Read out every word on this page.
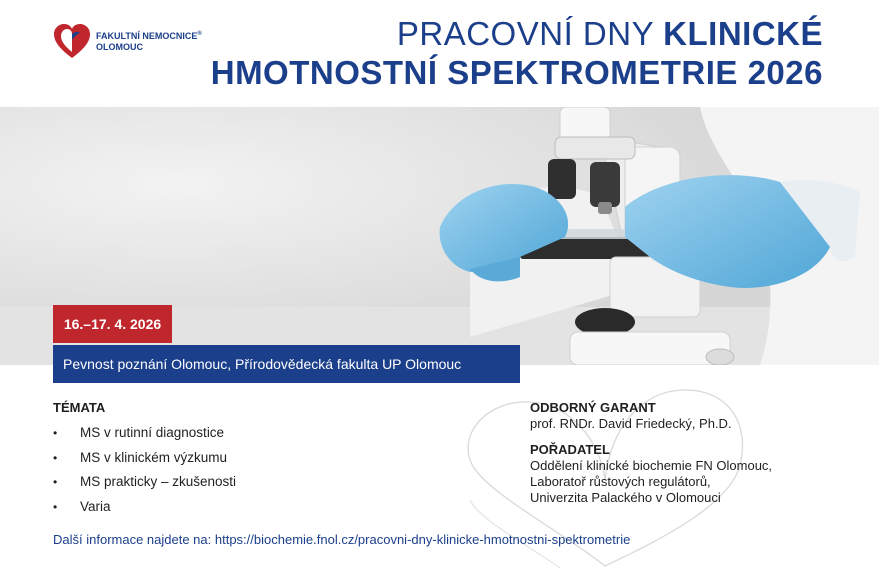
FAKULTNÍ NEMOCNICE®
OLOMOUC	PRACOVNÍ DNY KLINICKÉ
HMOTNOSTNÍ SPEKTROMETRIE 2026
16.–17. 4. 2026
Pevnost poznání Olomouc, Přírodovědecká fakulta UP Olomouc
TÉMATA
•	MS v rutinní diagnostice
•	MS v klinickém výzkumu
•	MS prakticky – zkušenosti
•	Varia
ODBORNÝ GARANT
prof. RNDr. David Friedecký, Ph.D.
POŘADATEL
Oddělení klinické biochemie FN Olomouc,
Laboratoř růstových regulátorů,
Univerzita Palackého v Olomouci
Další informace najdete na: https://biochemie.fnol.cz/pracovni-dny-klinicke-hmotnostni-spektrometrie
